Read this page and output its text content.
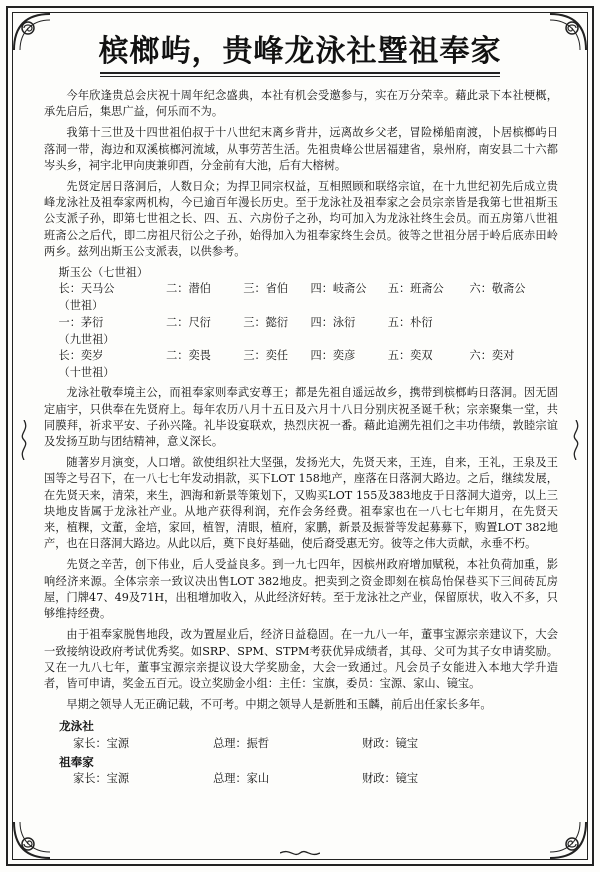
槟榔屿，贵峰龙泳社暨祖奉家

今年欣逢贵总会庆祝十周年纪念盛典，本社有机会受邀参与，实在万分荣幸。藉此录下本社梗概，承先启后，集思广益，何乐而不为。

我第十三世及十四世祖伯叔于十八世纪末离乡背井，远离故乡父老，冒险梯船南渡，卜居槟榔屿日落洞一带，海边和双溪槟榔河流域，从事劳苦生活。先祖贵峰公世居福建省，泉州府，南安县二十六都岑头乡，祠宇北甲向庚兼卯酉，分金前有大池，后有大榕树。

先贤定居日落洞后，人数日众；为捍卫同宗权益，互相照顾和联络宗谊，在十九世纪初先后成立贵峰龙泳社及祖奉家两机构，今已逾百年漫长历史。至于龙泳社及祖奉家之会员宗亲皆是我第七世祖斯玉公支派子孙，即第七世祖之长、四、五、六房份子之孙，均可加入为龙泳社终生会员。而五房第八世祖班斋公之后代，即二房祖尺衍公之子孙，始得加入为祖奉家终生会员。彼等之世祖分居于岭后底赤田岭两乡。兹列出斯玉公支派表，以供参考。

斯玉公（七世祖）
长：天马公	二：潜伯	三：省伯	四：岐斋公	五：班斋公	六：敬斋公
（世祖）
一：茅衍	二：尺衍	三：懿衍	四：泳衍	五：朴衍
（九世祖）
长：奕岁	二：奕畏	三：奕任	四：奕彦	五：奕双	六：奕对
（十世祖）

龙泳社敬奉境主公，而祖奉家则奉武安尊王；都是先祖自遥远故乡，携带到槟榔屿日落洞。因无固定庙宇，只供奉在先贤府上。每年农历八月十五日及六月十八日分别庆祝圣诞千秋；宗亲聚集一堂，共同膜拜，祈求平安、子孙兴隆。礼毕设宴联欢，热烈庆祝一番。藉此追溯先祖们之丰功伟绩，敦睦宗谊及发扬互助与团结精神，意义深长。

随著岁月演变，人口增。欲使组织社大坚强，发扬光大，先贤天来，王连，自来，王礼，王泉及王国等之号召下，在一八七七年发动捐款，买下LOT 158地产，座落在日落洞大路边。之后，继续发展，在先贤天来，清荣，来生，泗海和新景等策划下，又购买LOT 155及383地皮于日落洞大道旁，以上三块地皮皆属于龙泳社产业。从地产获得利润，充作会务经费。祖奉家也在一八七七年期月，在先贤天来，植粿，文董，金培，家回，植智，清眼，植府，家鹏，新景及振誉等发起募募下，购置LOT 382地产，也在日落洞大路边。从此以后，奠下良好基础，使后裔受惠无穷。彼等之伟大贡献，永垂不朽。

先贤之辛苦，创下伟业，后人受益良多。到一九七四年，因槟州政府增加赋税，本社负荷加重，影响经济来源。全体宗亲一致议决出售LOT 382地皮。把卖到之资金即刻在槟岛怡保巷买下三间砖瓦房屋，门牌47、49及71H，出租增加收入，从此经济好转。至于龙泳社之产业，保留原状，收入不多，只够维持经费。

由于祖奉家脱售地段，改为置屋业后，经济日益稳固。在一九八一年，董事宝源宗亲建议下，大会一致接纳设政府考试优秀奖。如SRP、SPM、STPM考获优异成绩者，其母、父可为其子女申请奖励。又在一九八七年，董事宝源宗亲提议设大学奖励金，大会一致通过。凡会员子女能进入本地大学升造者，皆可申请，奖金五百元。设立奖励金小组：主任：宝旗，委员：宝源、家山、镜宝。

早期之领导人无正确记载，不可考。中期之领导人是新胜和玉麟，前后出任家长多年。

龙泳社
家长：宝源	总理：振哲	财政：镜宝
祖奉家
家长：宝源	总理：家山	财政：镜宝
